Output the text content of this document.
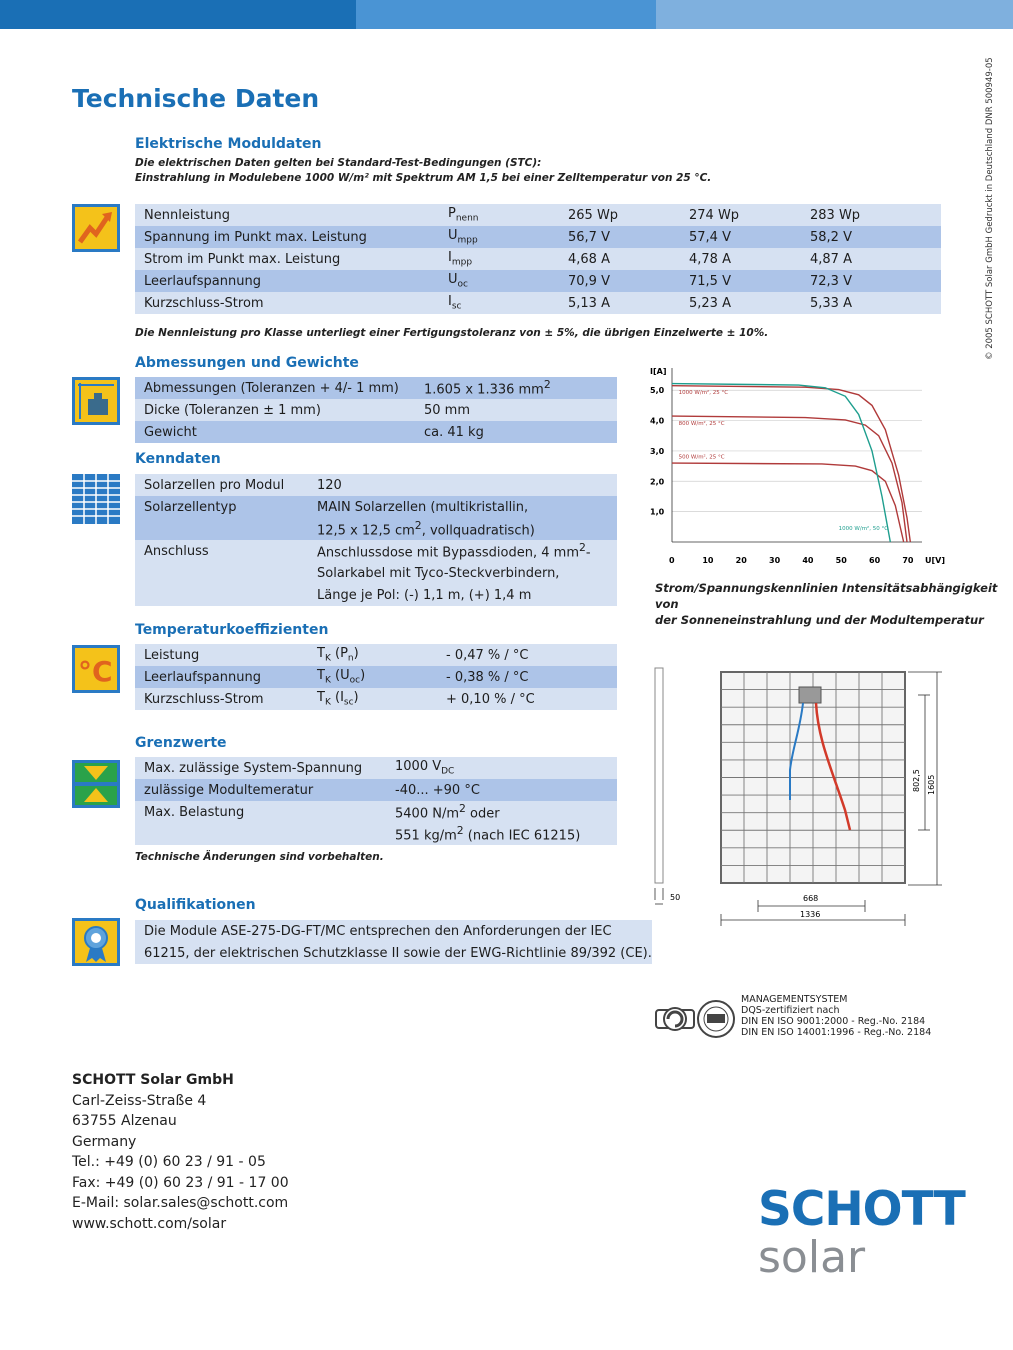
Technische Daten	© 2005 SCHOTT Solar GmbH Gedruckt in Deutschland DNR 500949-05
Elektrische Moduldaten
Die elektrischen Daten gelten bei Standard-Test-Bedingungen (STC):
Einstrahlung in Modulebene 1000 W/m² mit Spektrum AM 1,5 bei einer Zelltemperatur von 25 °C.
Nennleistung	$P_{nenn}$	265 Wp	274 Wp	283 Wp
Spannung im Punkt max. Leistung	$U_{mpp}$	56,7 V	57,4 V	58,2 V
Strom im Punkt max. Leistung	$I_{mpp}$	4,68 A	4,78 A	4,87 A
Leerlaufspannung	$U_{oc}$	70,9 V	71,5 V	72,3 V
Kurzschluss-Strom	$I_{sc}$	5,13 A	5,23 A	5,33 A
Die Nennleistung pro Klasse unterliegt einer Fertigungstoleranz von ± 5%, die übrigen Einzelwerte ± 10%.
Abmessungen und Gewichte
Abmessungen (Toleranzen + 4/- 1 mm)	1.605 x 1.336 $mm^2$
Dicke (Toleranzen ± 1 mm)	50 mm
Gewicht	ca. 41 kg
Kenndaten
Solarzellen pro Modul	120
Solarzellentyp	MAIN Solarzellen (multikristallin,
	12,5 x 12,5 $cm^2$, vollquadratisch)
Anschluss	Anschlussdose mit Bypassdioden, 4 $mm^2-$
	Solarkabel mit Tyco-Steckverbindern,
	Länge je Pol: (-) 1,1 m, (+) 1,4 m
Temperaturkoeffizienten
°C Leistung	$T_K$ $(P_n)$	- 0,47 % / °C
Leerlaufspannung	$T_K$ $(U_{oc})$	- 0,38 % / °C
Kurzschluss-Strom	$T_K$ $(I_{sc})$	+ 0,10 % / °C
Grenzwerte
Max. zulässige System-Spannung	1000 $V_{DC}$
zulässige Modultemeratur	-40... +90 °C
Max. Belastung	5400 $N/m^2$ oder
	551 $kg/m^2$ (nach IEC 61215)
Technische Änderungen sind vorbehalten.
Qualifikationen
Die Module ASE-275-DG-FT/MC entsprechen den Anforderungen der IEC
61215, der elektrischen Schutzklasse II sowie der EWG-Richtlinie 89/392 (CE).
5,0
4,0
3,0
2,0
1,0
I[A]
U[V]
0	10	20	30	40	50	60	70
1000 W/m², 25 °C
800 W/m², 25 °C
500 W/m², 25 °C
1000 W/m², 50 °C
Strom/Spannungskennlinien Intensitätsabhängigkeit von
der Sonneneinstrahlung und der Modultemperatur
802,5 1605
50	668
1336
MANAGEMENTSYSTEM
DQS-zertifiziert nach
DIN EN ISO 9001:2000 - Reg.-No. 2184
DIN EN ISO 14001:1996 - Reg.-No. 2184
SCHOTT Solar GmbH
Carl-Zeiss-Straße 4
63755 Alzenau
Germany
Tel.: +49 (0) 60 23 / 91 - 05
Fax: +49 (0) 60 23 / 91 - 17 00
E-Mail: solar.sales@schott.com
www.schott.com/solar	SCHOTT
solar
